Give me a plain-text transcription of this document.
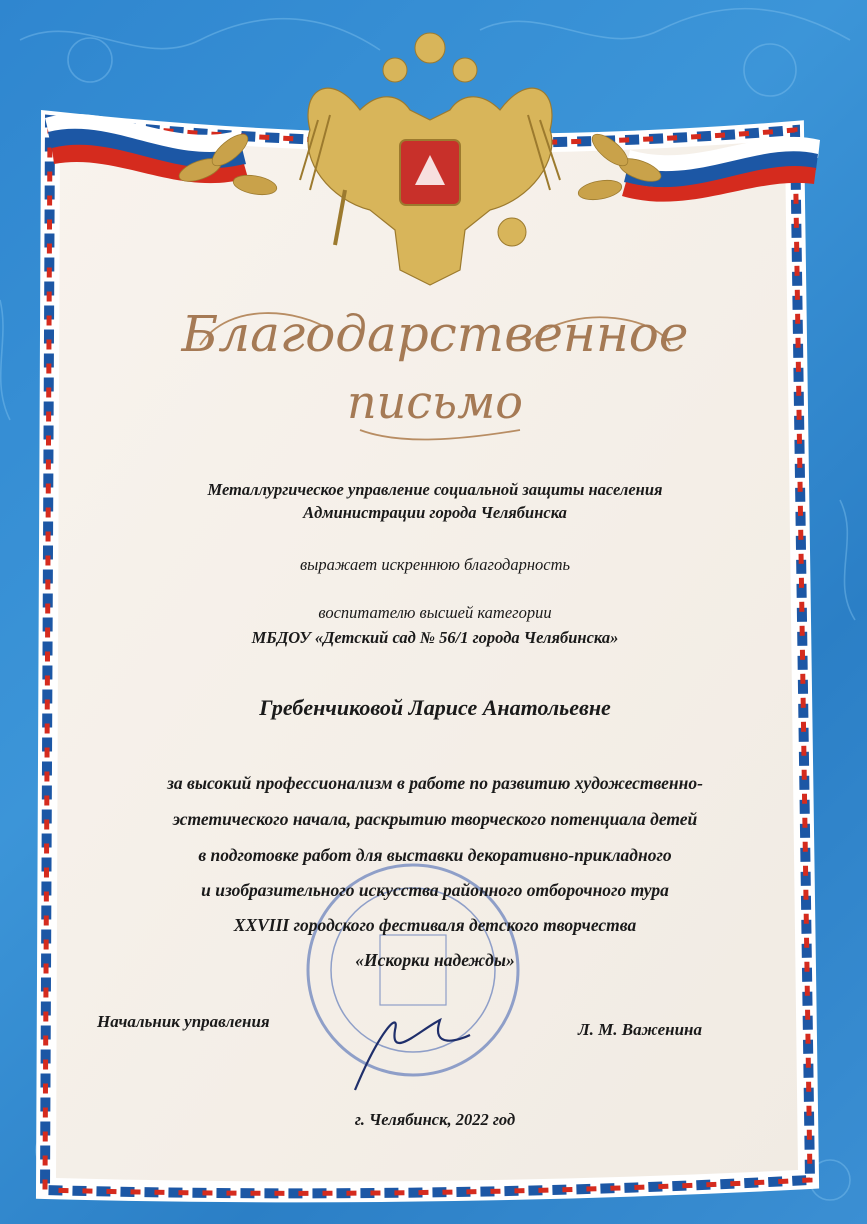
Благодарственное
письмо
Металлургическое управление социальной защиты населения
Администрации города Челябинска
выражает искреннюю благодарность
воспитателю высшей категории
МБДОУ «Детский сад № 56/1 города Челябинска»
Гребенчиковой Ларисе Анатольевне
за высокий профессионализм в работе по развитию художественно-
эстетического начала, раскрытию творческого потенциала детей
в подготовке работ для выставки декоративно-прикладного
и изобразительного искусства районного отборочного тура
XXVIII городского фестиваля детского творчества
«Искорки надежды»
Начальник управления	Л. М. Важенина
г. Челябинск, 2022 год
